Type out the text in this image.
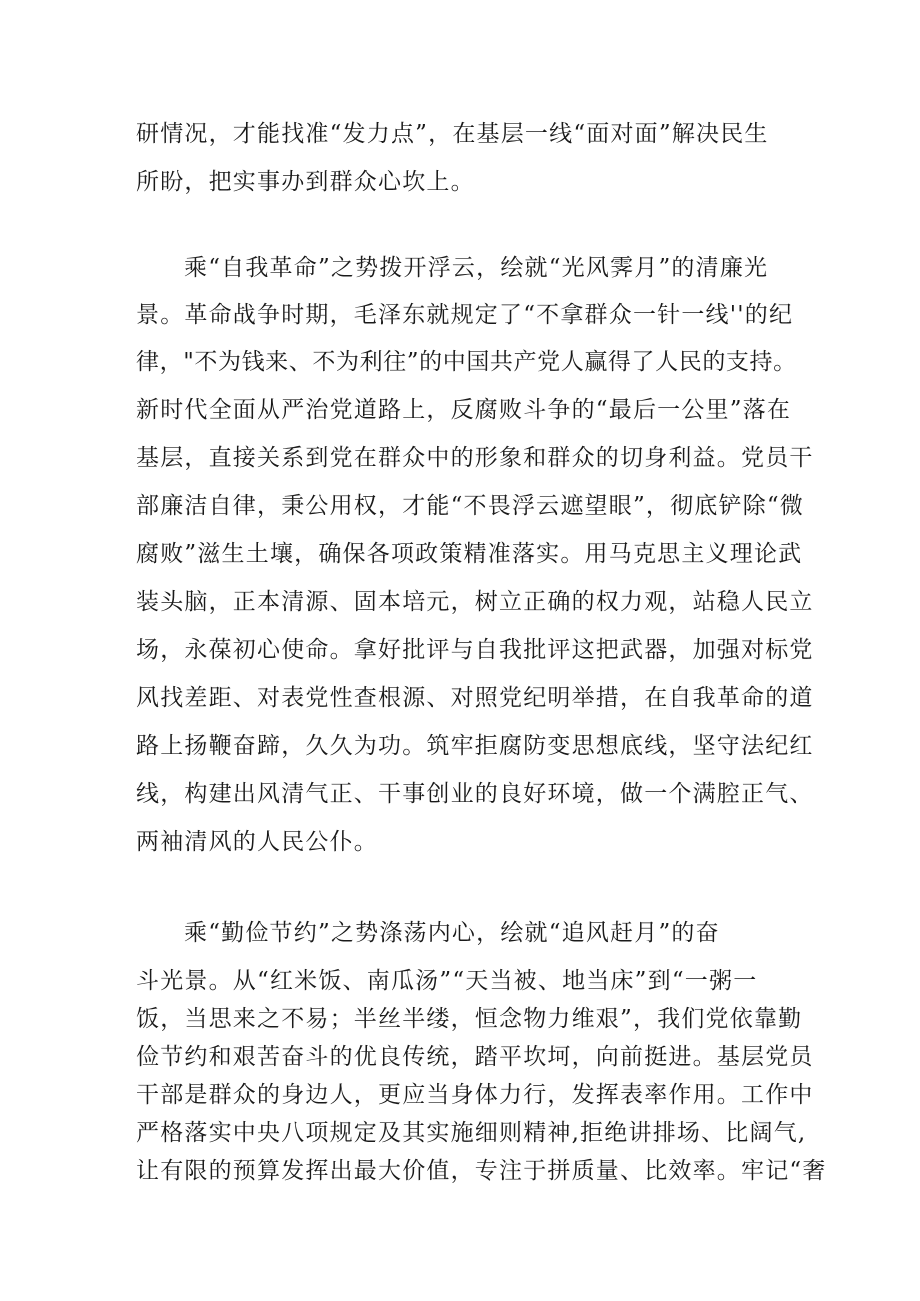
研情况，才能找准“发力点”，在基层一线“面对面”解决民生

所盼，把实事办到群众心坎上。

乘“自我革命”之势拨开浮云，绘就“光风霁月”的清廉光

景。革命战争时期，毛泽东就规定了“不拿群众一针一线''的纪

律，"不为钱来、不为利往”的中国共产党人赢得了人民的支持。

新时代全面从严治党道路上，反腐败斗争的“最后一公里”落在

基层，直接关系到党在群众中的形象和群众的切身利益。党员干

部廉洁自律，秉公用权，才能“不畏浮云遮望眼”，彻底铲除“微

腐败”滋生土壤，确保各项政策精准落实。用马克思主义理论武

装头脑，正本清源、固本培元，树立正确的权力观，站稳人民立

场，永葆初心使命。拿好批评与自我批评这把武器，加强对标党

风找差距、对表党性查根源、对照党纪明举措，在自我革命的道

路上扬鞭奋蹄，久久为功。筑牢拒腐防变思想底线，坚守法纪红

线，构建出风清气正、干事创业的良好环境，做一个满腔正气、

两袖清风的人民公仆。

乘“勤俭节约”之势涤荡内心，绘就“追风赶月”的奋

斗光景。从“红米饭、南瓜汤”“天当被、地当床”到“一粥一

饭，当思来之不易；半丝半缕，恒念物力维艰”，我们党依靠勤

俭节约和艰苦奋斗的优良传统，踏平坎坷，向前挺进。基层党员

干部是群众的身边人，更应当身体力行，发挥表率作用。工作中

严格落实中央八项规定及其实施细则精神,拒绝讲排场、比阔气,

让有限的预算发挥出最大价值，专注于拼质量、比效率。牢记“奢
